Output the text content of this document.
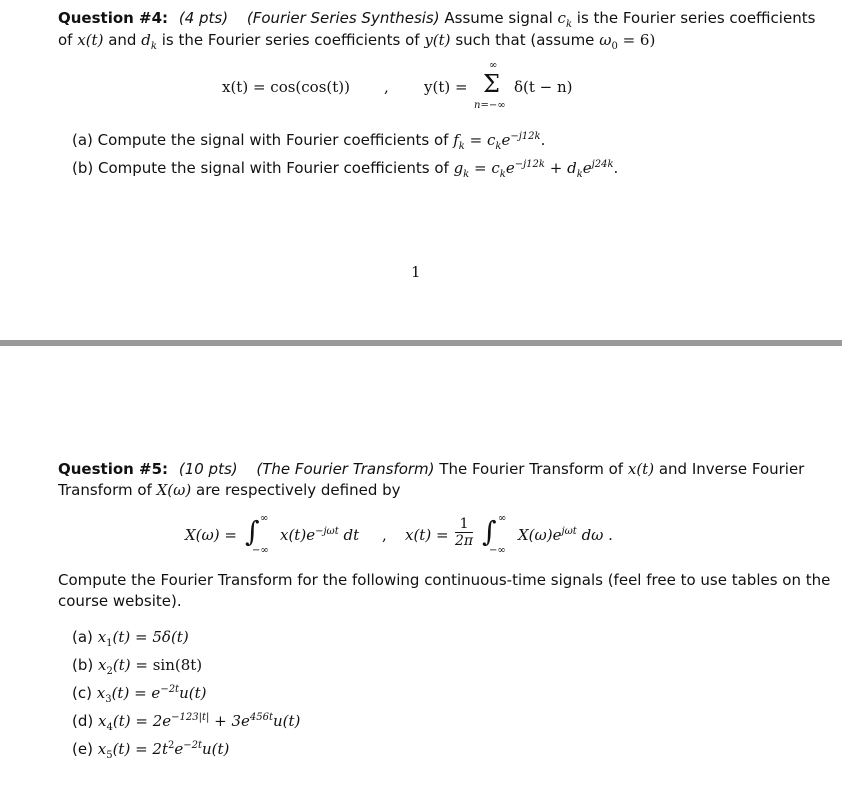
Question #4: (4 pts) (Fourier Series Synthesis) Assume signal $c_k$ is the Fourier series coefficients
of x(t) and $d_k$ is the Fourier series coefficients of y(t) such that (assume $\omega_0 = 6$)
x(t) = cos(cos(t)) , y(t) =
∞
Σ
n=−∞
δ(t − n)
(a) Compute the signal with Fourier coefficients of $f_k = c_ke^{-j12k}$.
(b) Compute the signal with Fourier coefficients of $g_k = c_ke^{-j12k} + d_ke^{j24k}$.
1
Question #5: (10 pts) (The Fourier Transform) The Fourier Transform of x(t) and Inverse Fourier
Transform of X(ω) are respectively defined by
X(ω) =
∞
∫
−∞
$x(t)e^{-j\omega t}$ dt , $x(t) = \frac{1}{2\pi}$ ∞
∫
−∞
$X(\omega)e^{j\omega t}$ dω .
Compute the Fourier Transform for the following continuous-time signals (feel free to use tables on the
course website).
(a) $x_1(t) = 5\delta(t)$
(b) $x_2(t) = \sin(8t)$
(c) $x_3(t) = e^{-2t}u(t)$
(d) $x_4(t) = 2e^{-123|t|} + 3e^{456t}u(t)$
(e) $x_5(t) = 2t^2e^{-2t}u(t)$
